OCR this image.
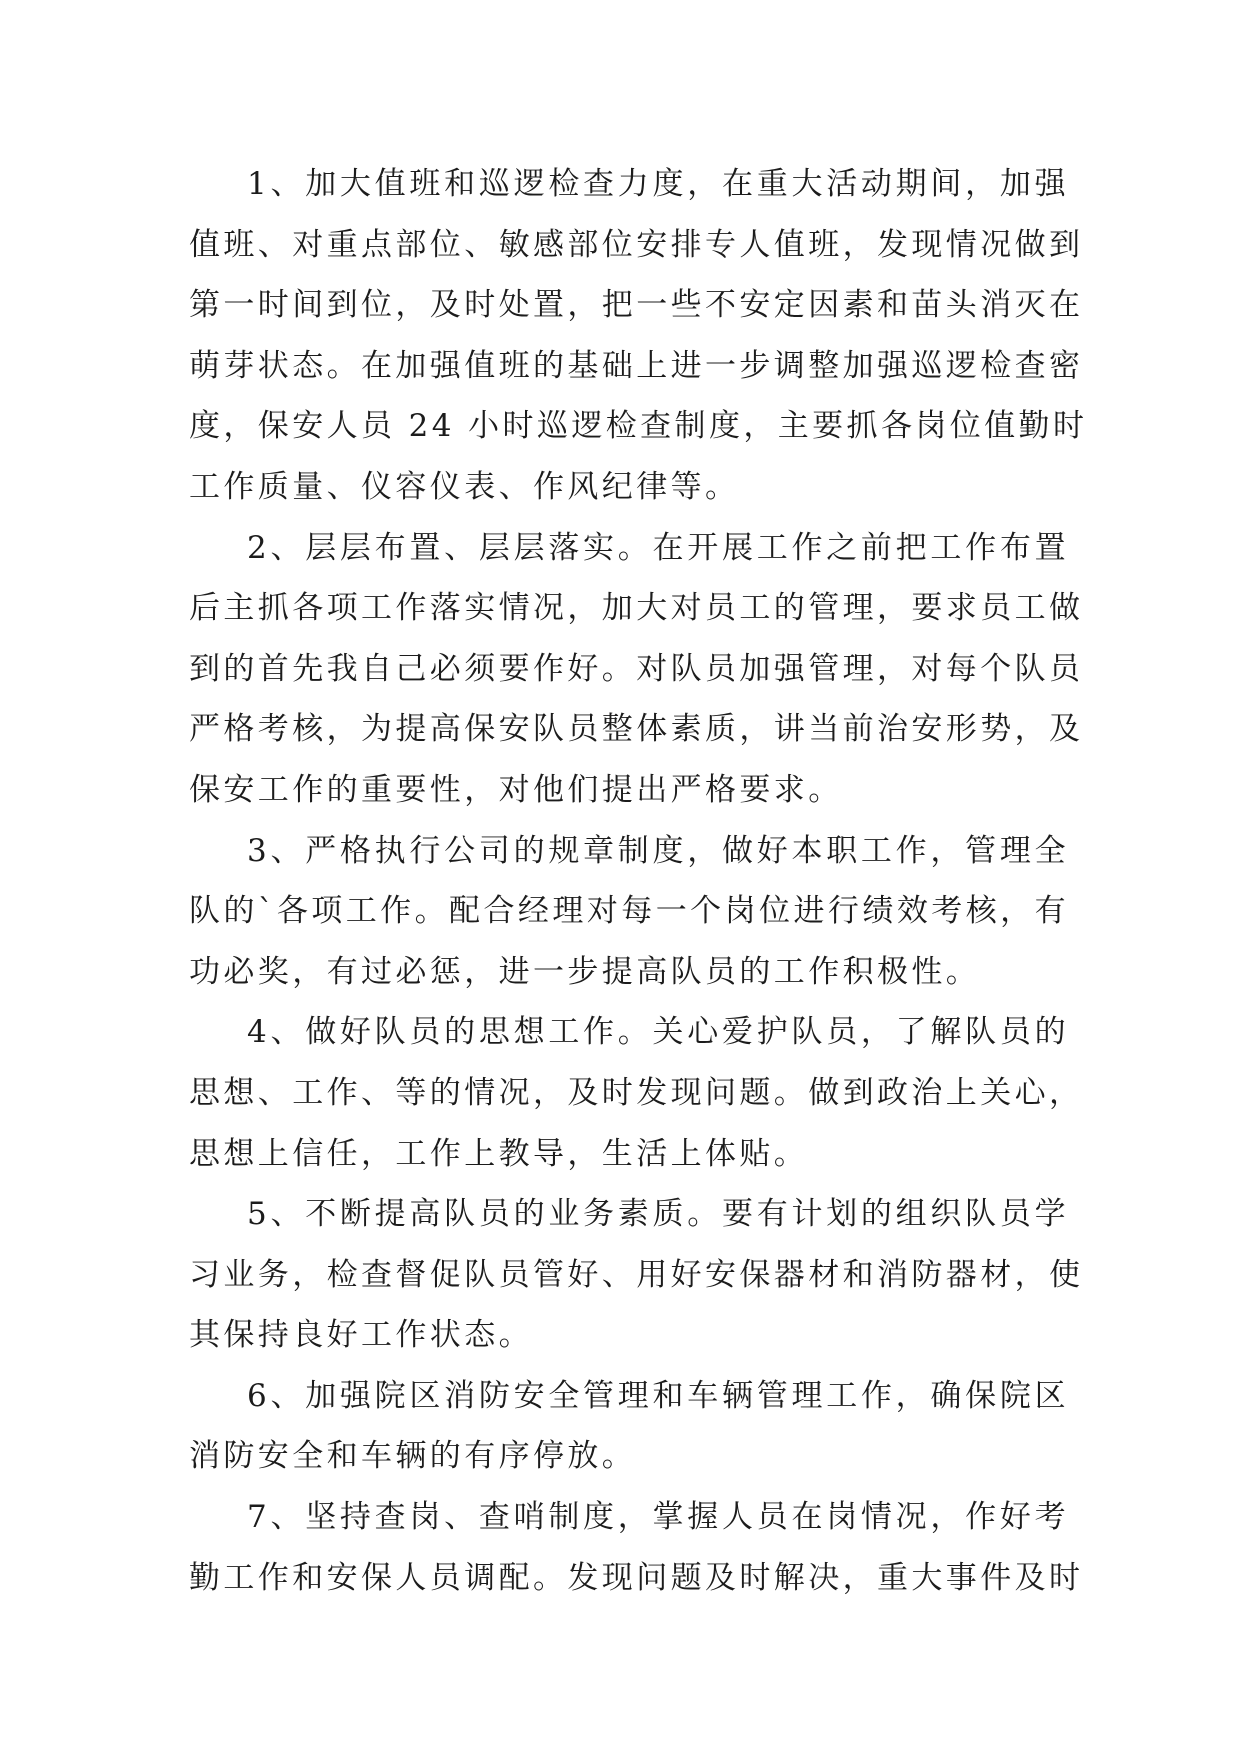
1、加大值班和巡逻检查力度，在重大活动期间，加强
值班、对重点部位、敏感部位安排专人值班，发现情况做到
第一时间到位，及时处置，把一些不安定因素和苗头消灭在
萌芽状态。在加强值班的基础上进一步调整加强巡逻检查密
度，保安人员 24 小时巡逻检查制度，主要抓各岗位值勤时
工作质量、仪容仪表、作风纪律等。
2、层层布置、层层落实。在开展工作之前把工作布置
后主抓各项工作落实情况，加大对员工的管理，要求员工做
到的首先我自己必须要作好。对队员加强管理，对每个队员
严格考核，为提高保安队员整体素质，讲当前治安形势，及
保安工作的重要性，对他们提出严格要求。
3、严格执行公司的规章制度，做好本职工作，管理全
队的`各项工作。配合经理对每一个岗位进行绩效考核，有
功必奖，有过必惩，进一步提高队员的工作积极性。
4、做好队员的思想工作。关心爱护队员，了解队员的
思想、工作、等的情况，及时发现问题。做到政治上关心，
思想上信任，工作上教导，生活上体贴。
5、不断提高队员的业务素质。要有计划的组织队员学
习业务，检查督促队员管好、用好安保器材和消防器材，使
其保持良好工作状态。
6、加强院区消防安全管理和车辆管理工作，确保院区
消防安全和车辆的有序停放。
7、坚持查岗、查哨制度，掌握人员在岗情况，作好考
勤工作和安保人员调配。发现问题及时解决，重大事件及时
